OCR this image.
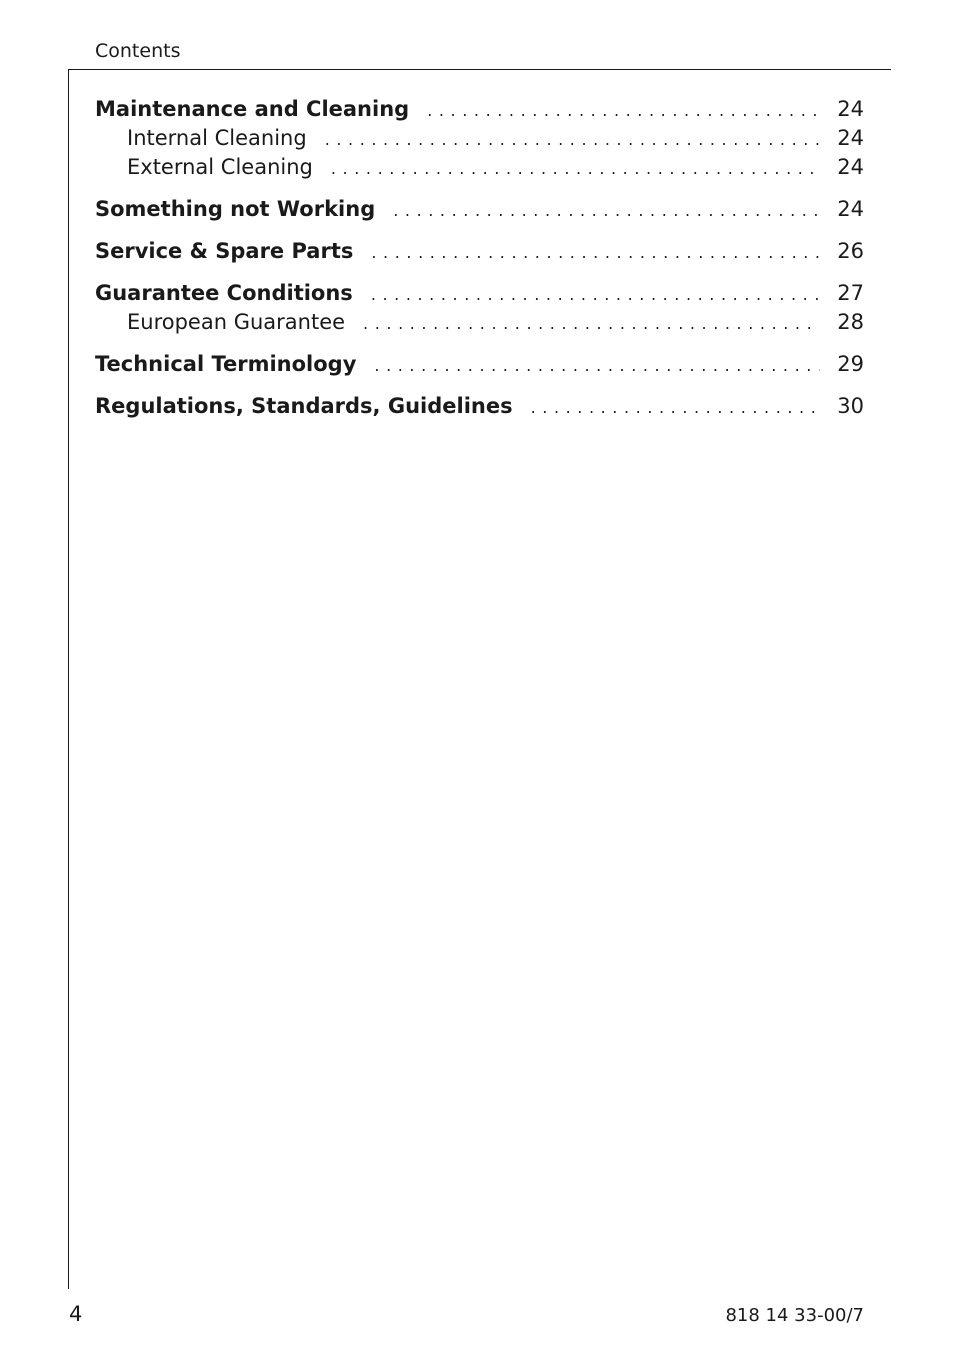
Contents
Maintenance and Cleaning . . .	24
Internal Cleaning . . .	24
External Cleaning . . .	24
Something not Working . . .	24
Service & Spare Parts . . .	26
Guarantee Conditions . . .	27
European Guarantee . . .	28
Technical Terminology . . .	29
Regulations, Standards, Guidelines . . .	30
4	818 14 33-00/7
